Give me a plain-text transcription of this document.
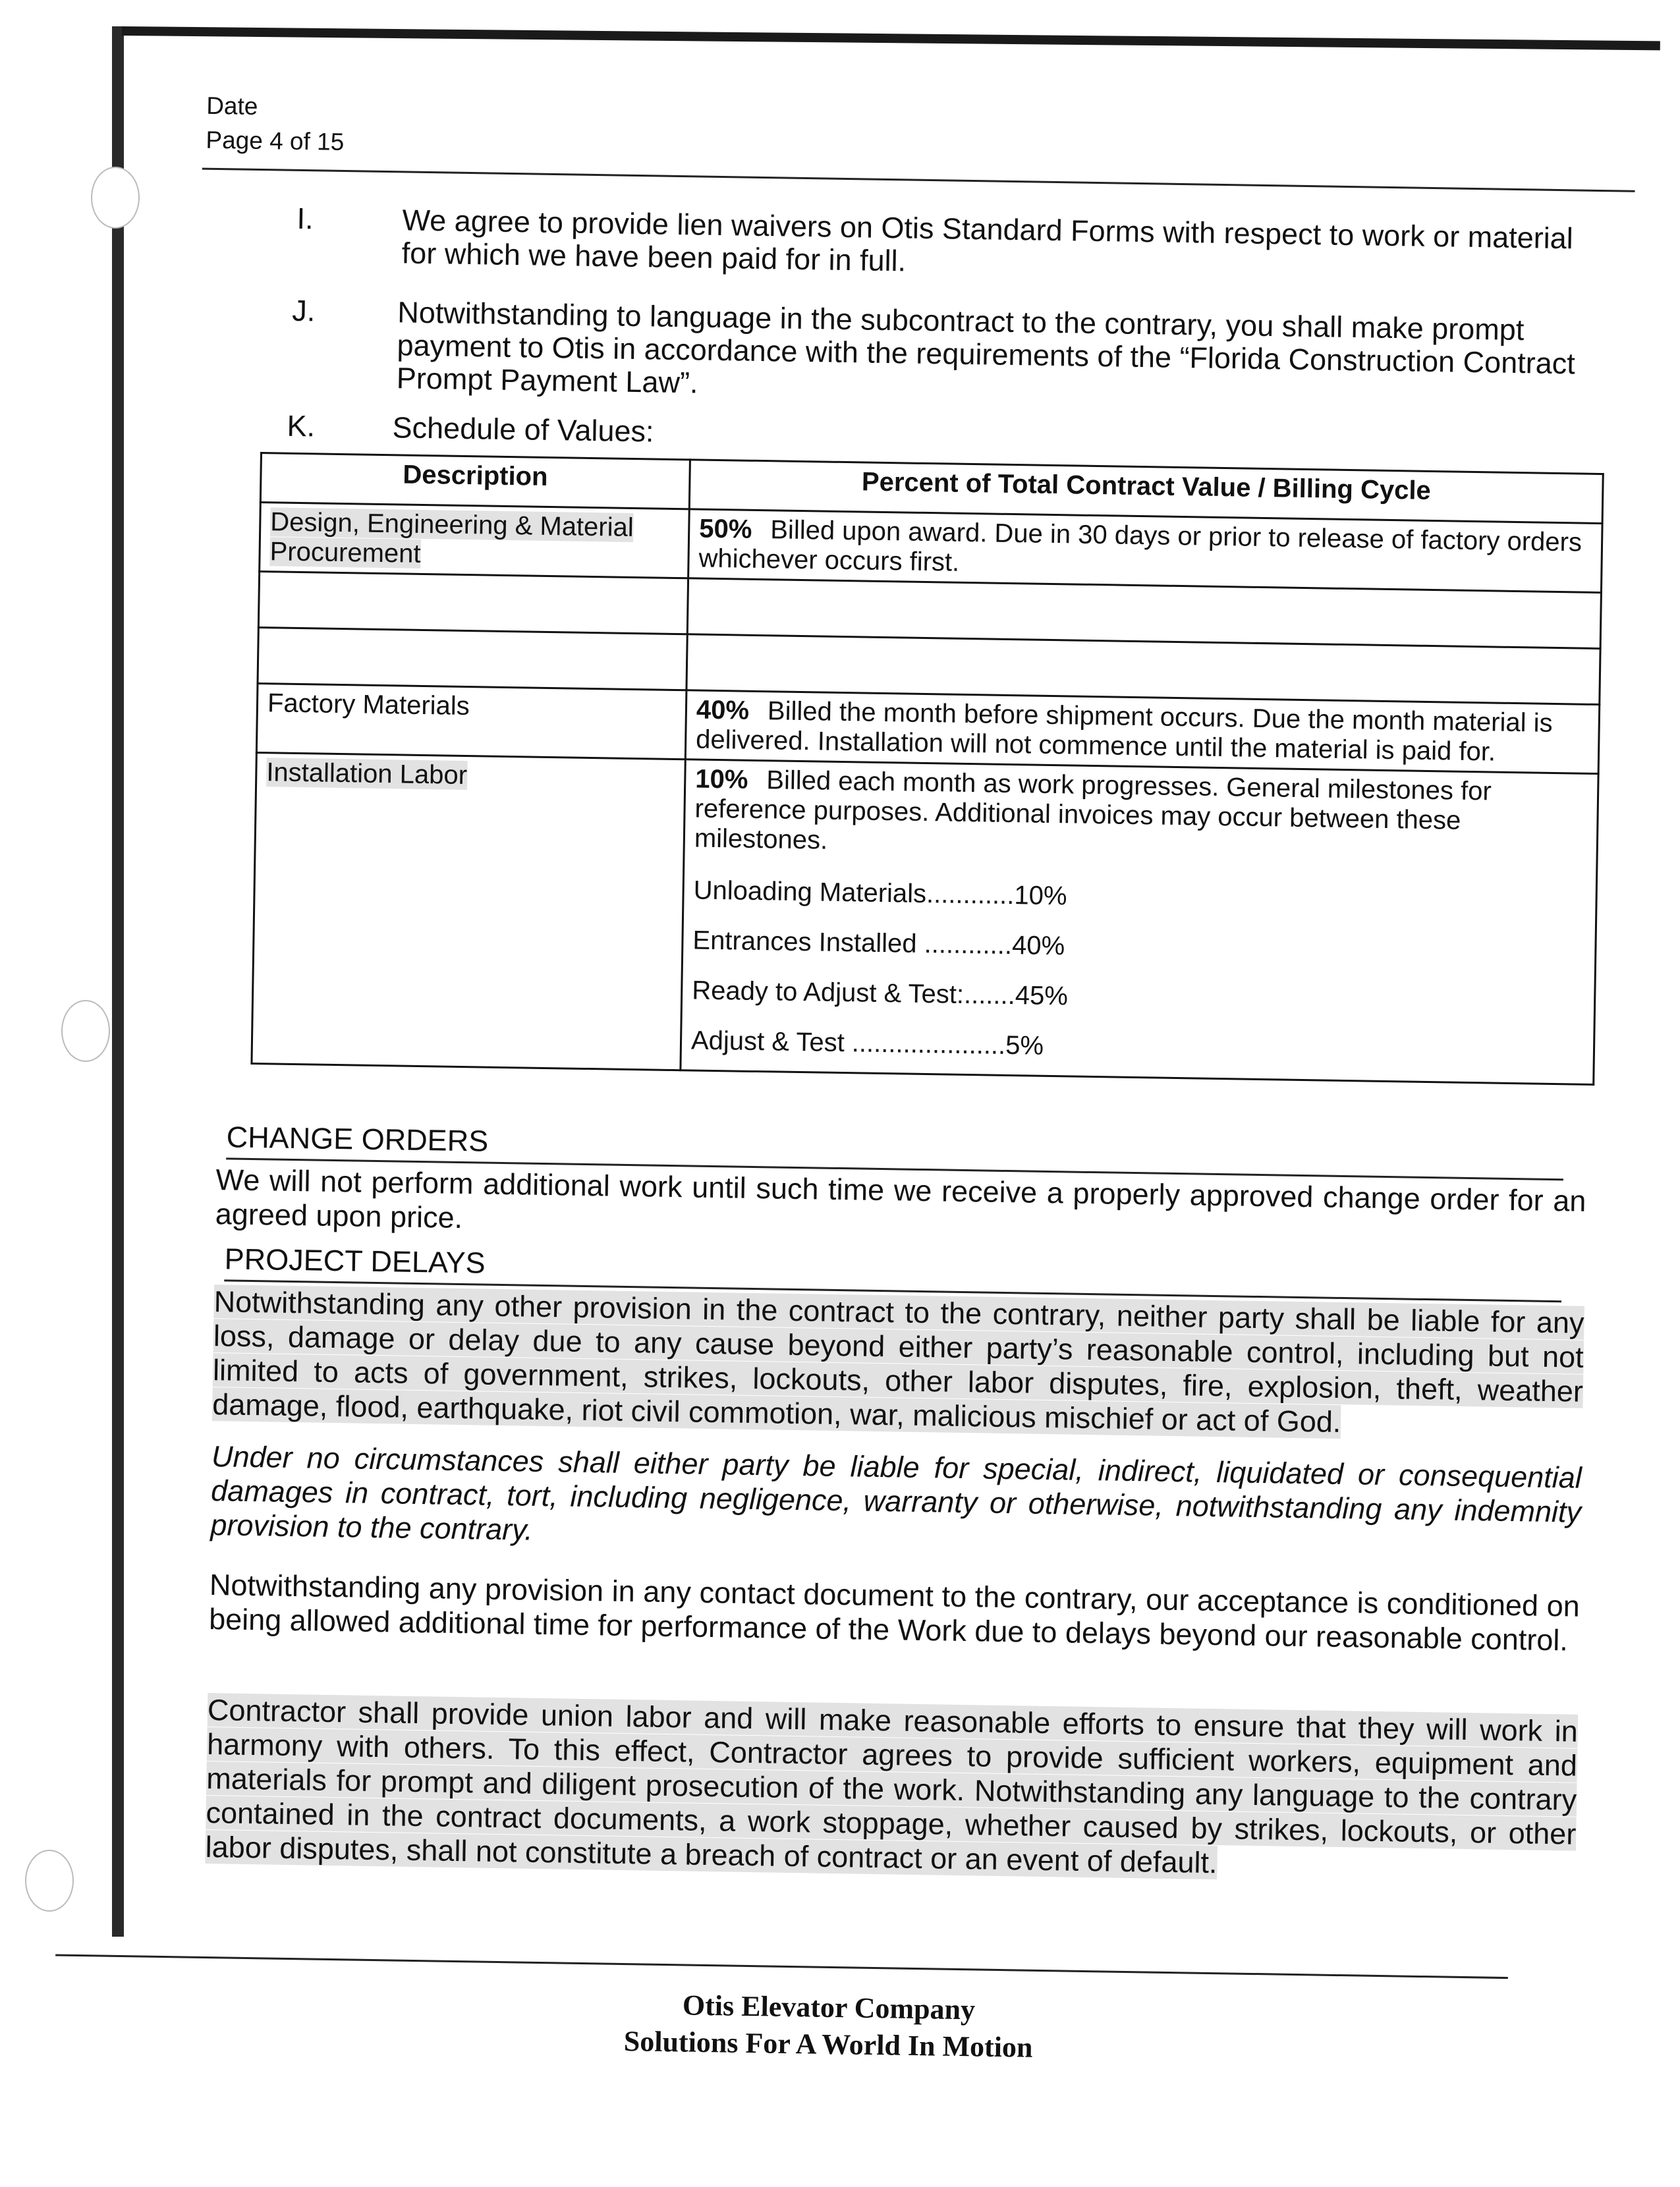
Date
Page 4 of 15
I.	We agree to provide lien waivers on Otis Standard Forms with respect to work or material for which we have been paid for in full.
J.	Notwithstanding to language in the subcontract to the contrary, you shall make prompt payment to Otis in accordance with the requirements of the “Florida Construction Contract Prompt Payment Law”.
K.	Schedule of Values:
Description	Percent of Total Contract Value / Billing Cycle
Design, Engineering & Material Procurement	50% Billed upon award. Due in 30 days or prior to release of factory orders whichever occurs first.

Factory Materials	40% Billed the month before shipment occurs. Due the month material is delivered. Installation will not commence until the material is paid for.
Installation Labor	10% Billed each month as work progresses. General milestones for reference purposes. Additional invoices may occur between these milestones.
Unloading Materials............10%
Entrances Installed ............40%
Ready to Adjust & Test:.......45%
Adjust & Test .....................5%
CHANGE ORDERS
We will not perform additional work until such time we receive a properly approved change order for an agreed upon price.
PROJECT DELAYS
Notwithstanding any other provision in the contract to the contrary, neither party shall be liable for any loss, damage or delay due to any cause beyond either party’s reasonable control, including but not limited to acts of government, strikes, lockouts, other labor disputes, fire, explosion, theft, weather damage, flood, earthquake, riot civil commotion, war, malicious mischief or act of God.
Under no circumstances shall either party be liable for special, indirect, liquidated or consequential damages in contract, tort, including negligence, warranty or otherwise, notwithstanding any indemnity provision to the contrary.
Notwithstanding any provision in any contact document to the contrary, our acceptance is conditioned on being allowed additional time for performance of the Work due to delays beyond our reasonable control.
Contractor shall provide union labor and will make reasonable efforts to ensure that they will work in harmony with others. To this effect, Contractor agrees to provide sufficient workers, equipment and materials for prompt and diligent prosecution of the work. Notwithstanding any language to the contrary contained in the contract documents, a work stoppage, whether caused by strikes, lockouts, or other labor disputes, shall not constitute a breach of contract or an event of default.
Otis Elevator Company
Solutions For A World In Motion
